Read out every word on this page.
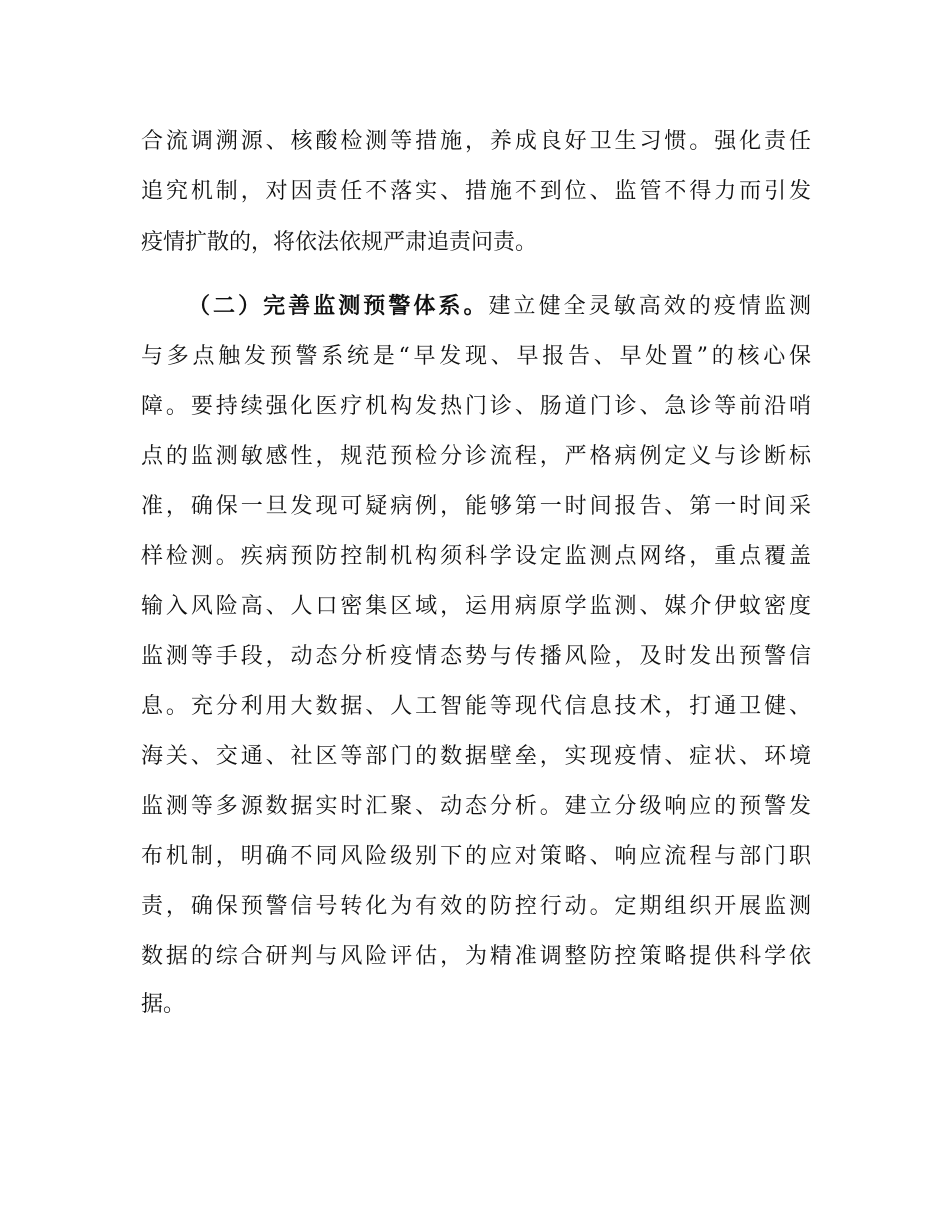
合流调溯源、核酸检测等措施，养成良好卫生习惯。强化责任
追究机制，对因责任不落实、措施不到位、监管不得力而引发
疫情扩散的，将依法依规严肃追责问责。
（二）完善监测预警体系。建立健全灵敏高效的疫情监测
与多点触发预警系统是“早发现、早报告、早处置”的核心保
障。要持续强化医疗机构发热门诊、肠道门诊、急诊等前沿哨
点的监测敏感性，规范预检分诊流程，严格病例定义与诊断标
准，确保一旦发现可疑病例，能够第一时间报告、第一时间采
样检测。疾病预防控制机构须科学设定监测点网络，重点覆盖
输入风险高、人口密集区域，运用病原学监测、媒介伊蚊密度
监测等手段，动态分析疫情态势与传播风险，及时发出预警信
息。充分利用大数据、人工智能等现代信息技术，打通卫健、
海关、交通、社区等部门的数据壁垒，实现疫情、症状、环境
监测等多源数据实时汇聚、动态分析。建立分级响应的预警发
布机制，明确不同风险级别下的应对策略、响应流程与部门职
责，确保预警信号转化为有效的防控行动。定期组织开展监测
数据的综合研判与风险评估，为精准调整防控策略提供科学依
据。
